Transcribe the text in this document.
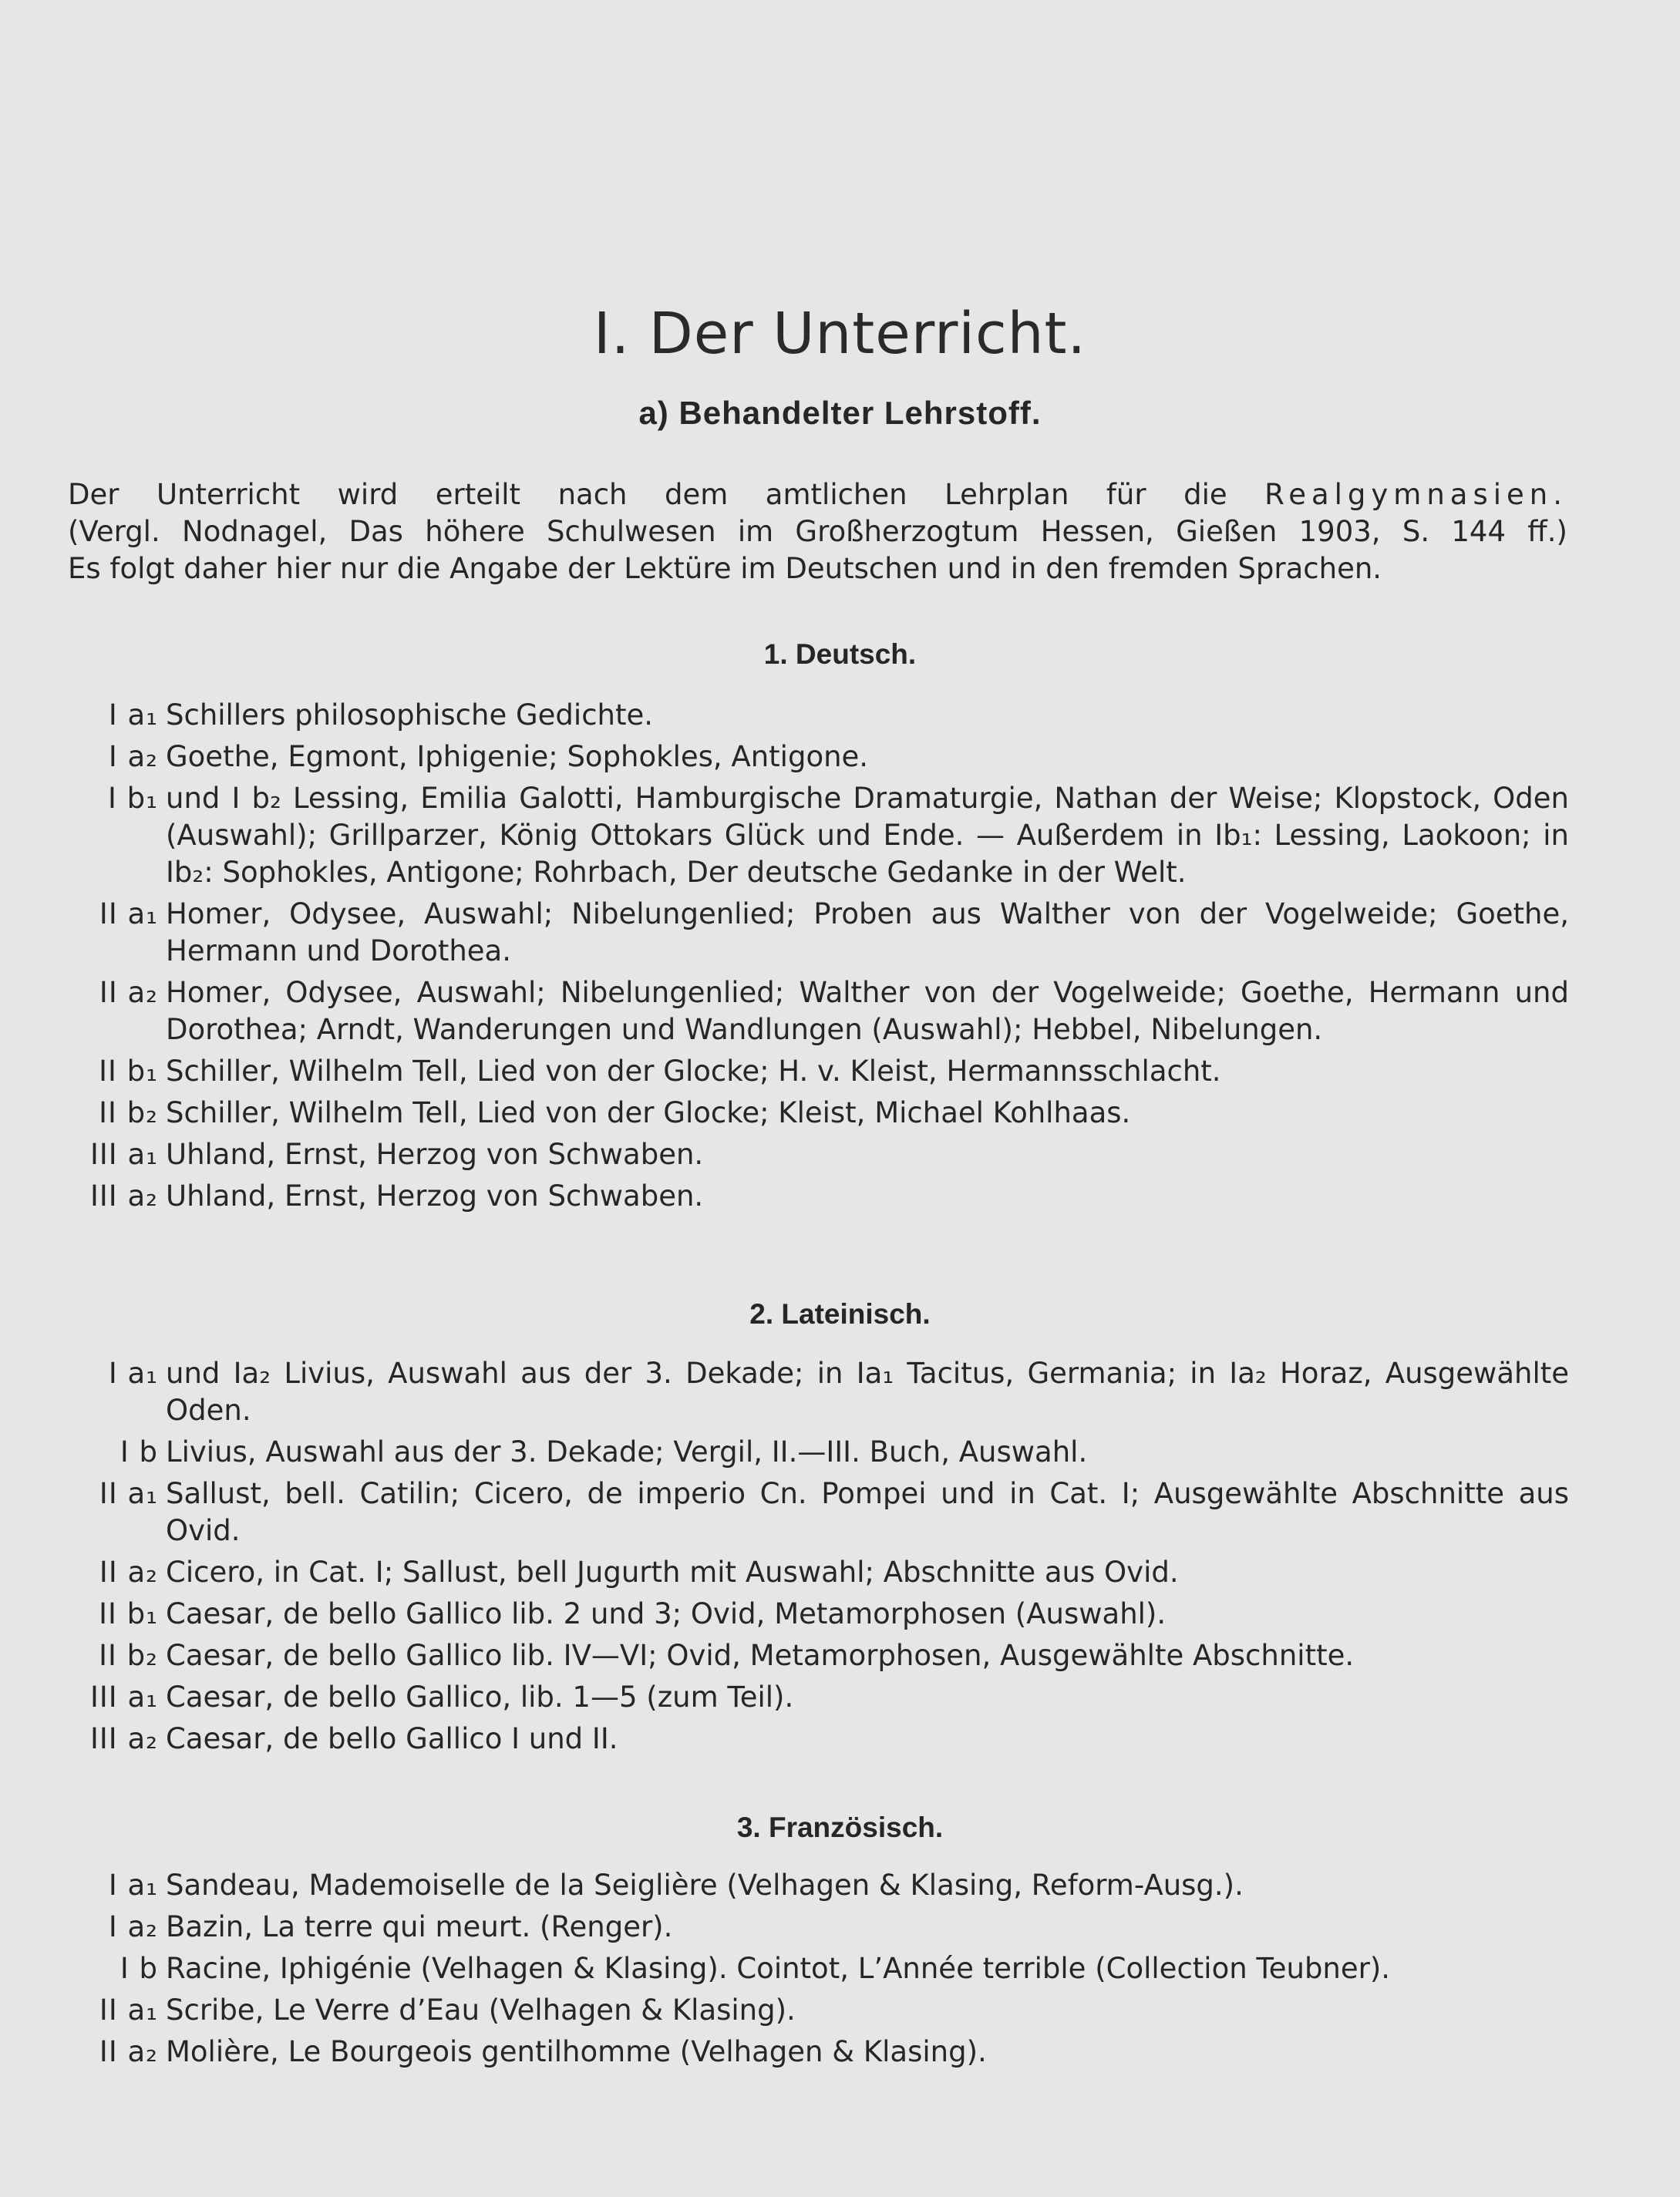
I. Der Unterricht.
a) Behandelter Lehrstoff.
Der Unterricht wird erteilt nach dem amtlichen Lehrplan für die Realgymnasien.
(Vergl. Nodnagel, Das höhere Schulwesen im Großherzogtum Hessen, Gießen 1903, S. 144 ff.)
Es folgt daher hier nur die Angabe der Lektüre im Deutschen und in den fremden Sprachen.
1. Deutsch.
I a₁ Schillers philosophische Gedichte.
I a₂ Goethe, Egmont, Iphigenie; Sophokles, Antigone.
I b₁ und I b₂ Lessing, Emilia Galotti, Hamburgische Dramaturgie, Nathan der Weise; Klopstock, Oden (Auswahl); Grillparzer, König Ottokars Glück und Ende. — Außerdem in Ib₁: Lessing, Laokoon; in Ib₂: Sophokles, Antigone; Rohrbach, Der deutsche Gedanke in der Welt.
II a₁ Homer, Odysee, Auswahl; Nibelungenlied; Proben aus Walther von der Vogelweide; Goethe, Hermann und Dorothea.
II a₂ Homer, Odysee, Auswahl; Nibelungenlied; Walther von der Vogelweide; Goethe, Hermann und Dorothea; Arndt, Wanderungen und Wandlungen (Auswahl); Hebbel, Nibelungen.
II b₁ Schiller, Wilhelm Tell, Lied von der Glocke; H. v. Kleist, Hermannsschlacht.
II b₂ Schiller, Wilhelm Tell, Lied von der Glocke; Kleist, Michael Kohlhaas.
III a₁ Uhland, Ernst, Herzog von Schwaben.
III a₂ Uhland, Ernst, Herzog von Schwaben.
2. Lateinisch.
I a₁ und Ia₂ Livius, Auswahl aus der 3. Dekade; in Ia₁ Tacitus, Germania; in Ia₂ Horaz, Ausgewählte Oden.
I b Livius, Auswahl aus der 3. Dekade; Vergil, II.—III. Buch, Auswahl.
II a₁ Sallust, bell. Catilin; Cicero, de imperio Cn. Pompei und in Cat. I; Ausgewählte Abschnitte aus Ovid.
II a₂ Cicero, in Cat. I; Sallust, bell Jugurth mit Auswahl; Abschnitte aus Ovid.
II b₁ Caesar, de bello Gallico lib. 2 und 3; Ovid, Metamorphosen (Auswahl).
II b₂ Caesar, de bello Gallico lib. IV—VI; Ovid, Metamorphosen, Ausgewählte Abschnitte.
III a₁ Caesar, de bello Gallico, lib. 1—5 (zum Teil).
III a₂ Caesar, de bello Gallico I und II.
3. Französisch.
I a₁ Sandeau, Mademoiselle de la Seiglière (Velhagen & Klasing, Reform-Ausg.).
I a₂ Bazin, La terre qui meurt. (Renger).
I b Racine, Iphigénie (Velhagen & Klasing). Cointot, L’Année terrible (Collection Teubner).
II a₁ Scribe, Le Verre d’Eau (Velhagen & Klasing).
II a₂ Molière, Le Bourgeois gentilhomme (Velhagen & Klasing).
